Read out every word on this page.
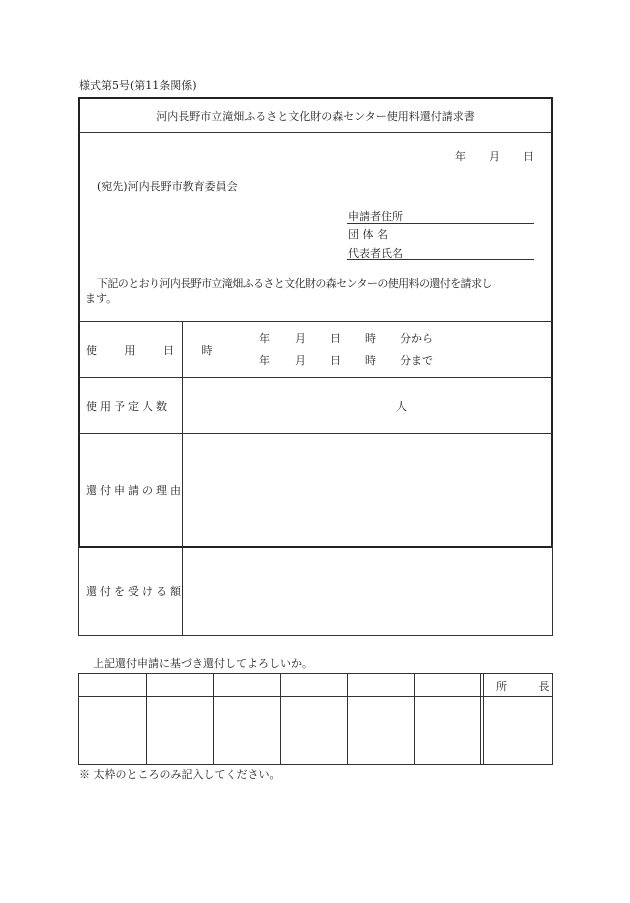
様式第5号(第11条関係)
河内長野市立滝畑ふるさと文化財の森センター使用料還付請求書
年 月 日
(宛先)河内長野市教育委員会
申請者住所
団 体 名
代表者氏名
下記のとおり河内長野市立滝畑ふるさと文化財の森センターの使用料の還付を請求し
ます。
使 用 日 時
年 月 日 時 分から
年 月 日 時 分まで
使用予定人数	人
還付申請の理由
還付を受ける額
上記還付申請に基づき還付してよろしいか。
所 長
※ 太枠のところのみ記入してください。
